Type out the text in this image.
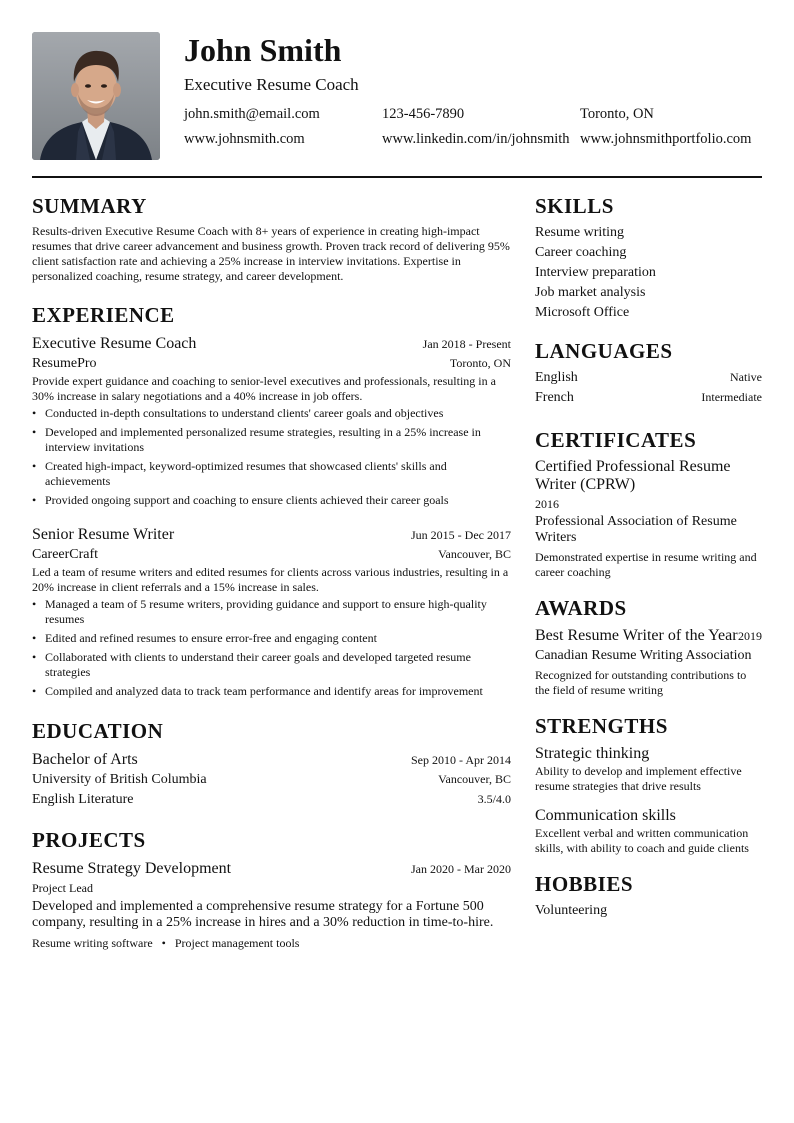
John Smith
Executive Resume Coach
john.smith@email.com	123-456-7890	Toronto, ON
www.johnsmith.com	www.linkedin.com/in/johnsmith www.johnsmithportfolio.com
SUMMARY
Results-driven Executive Resume Coach with 8+ years of experience in creating high-impact resumes that drive career advancement and business growth. Proven track record of delivering 95% client satisfaction rate and achieving a 25% increase in interview invitations. Expertise in personalized coaching, resume strategy, and career development.
EXPERIENCE
Executive Resume Coach	Jan 2018 - Present
ResumePro	Toronto, ON
Provide expert guidance and coaching to senior-level executives and professionals, resulting in a 30% increase in salary negotiations and a 40% increase in job offers.
• Conducted in-depth consultations to understand clients' career goals and objectives
• Developed and implemented personalized resume strategies, resulting in a 25% increase in interview invitations
• Created high-impact, keyword-optimized resumes that showcased clients' skills and achievements
• Provided ongoing support and coaching to ensure clients achieved their career goals
Senior Resume Writer	Jun 2015 - Dec 2017
CareerCraft	Vancouver, BC
Led a team of resume writers and edited resumes for clients across various industries, resulting in a 20% increase in client referrals and a 15% increase in sales.
• Managed a team of 5 resume writers, providing guidance and support to ensure high-quality resumes
• Edited and refined resumes to ensure error-free and engaging content
• Collaborated with clients to understand their career goals and developed targeted resume strategies
• Compiled and analyzed data to track team performance and identify areas for improvement
EDUCATION
Bachelor of Arts	Sep 2010 - Apr 2014
University of British Columbia	Vancouver, BC
English Literature	3.5/4.0
PROJECTS
Resume Strategy Development	Jan 2020 - Mar 2020
Project Lead
Developed and implemented a comprehensive resume strategy for a Fortune 500 company, resulting in a 25% increase in hires and a 30% reduction in time-to-hire.
Resume writing software • Project management tools
SKILLS
Resume writing
Career coaching
Interview preparation
Job market analysis
Microsoft Office
LANGUAGES
English	Native
French	Intermediate
CERTIFICATES
Certified Professional Resume Writer (CPRW)
2016
Professional Association of Resume Writers
Demonstrated expertise in resume writing and career coaching
AWARDS
Best Resume Writer of the Year 2019
Canadian Resume Writing Association
Recognized for outstanding contributions to the field of resume writing
STRENGTHS
Strategic thinking
Ability to develop and implement effective resume strategies that drive results
Communication skills
Excellent verbal and written communication skills, with ability to coach and guide clients
HOBBIES
Volunteering
